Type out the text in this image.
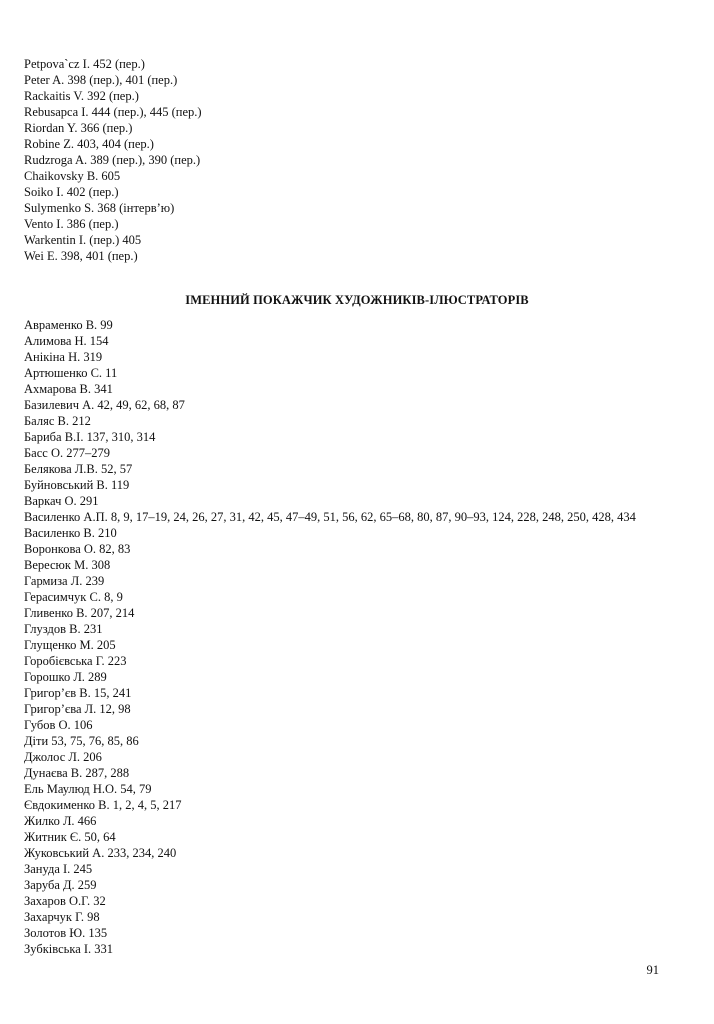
Petpova`cz I. 452 (пер.)
Peter A. 398 (пер.), 401 (пер.)
Rackaitis V. 392 (пер.)
Rebusapca I. 444 (пер.), 445 (пер.)
Riordan Y. 366 (пер.)
Robine Z. 403, 404 (пер.)
Rudzroga A. 389 (пер.), 390 (пер.)
Chaikovsky B. 605
Soiko I. 402 (пер.)
Sulymenko S. 368 (інтерв’ю)
Vento I. 386 (пер.)
Warkentin I. (пер.) 405
Wei E. 398, 401 (пер.)
ІМЕННИЙ ПОКАЖЧИК ХУДОЖНИКІВ-ІЛЮСТРАТОРІВ
Авраменко В. 99
Алимова Н. 154
Анікіна Н. 319
Артюшенко С. 11
Ахмарова В. 341
Базилевич А. 42, 49, 62, 68, 87
Баляс В. 212
Бариба В.І. 137, 310, 314
Басс О. 277–279
Белякова Л.В. 52, 57
Буйновський В. 119
Варкач О. 291
Василенко А.П. 8, 9, 17–19, 24, 26, 27, 31, 42, 45, 47–49, 51, 56, 62, 65–68, 80, 87, 90–93, 124, 228, 248, 250, 428, 434
Василенко В. 210
Воронкова О. 82, 83
Вересюк М. 308
Гармиза Л. 239
Герасимчук С. 8, 9
Гливенко В. 207, 214
Глуздов В. 231
Глущенко М. 205
Горобієвська Г. 223
Горошко Л. 289
Григор’єв В. 15, 241
Григор’єва Л. 12, 98
Губов О. 106
Діти 53, 75, 76, 85, 86
Джолос Л. 206
Дунаєва В. 287, 288
Ель Маулюд Н.О. 54, 79
Євдокименко В. 1, 2, 4, 5, 217
Жилко Л. 466
Житник Є. 50, 64
Жуковський А. 233, 234, 240
Зануда І. 245
Заруба Д. 259
Захаров О.Г. 32
Захарчук Г. 98
Золотов Ю. 135
Зубківська І. 331
91
